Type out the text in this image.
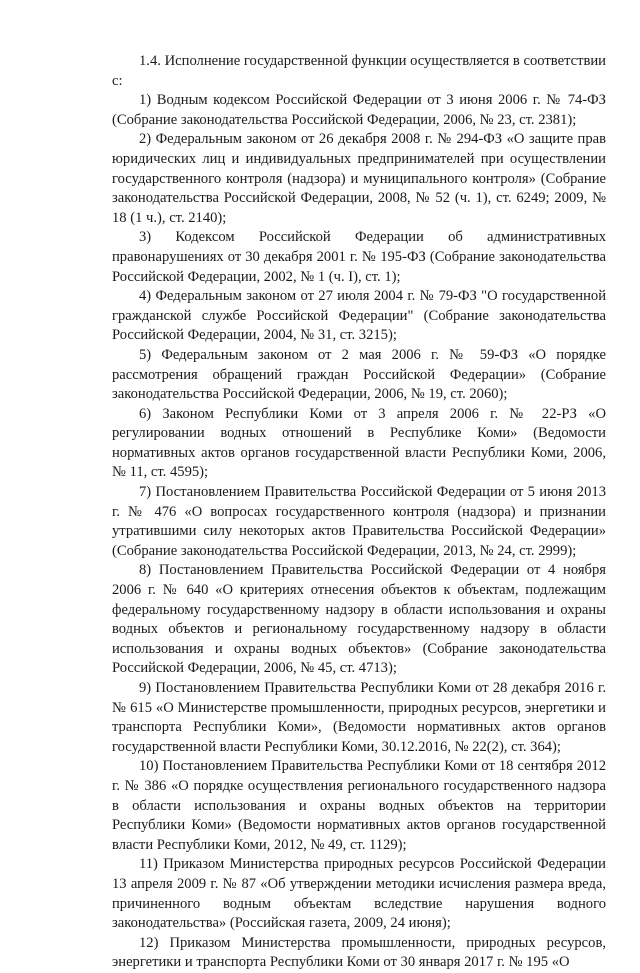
1.4. Исполнение государственной функции осуществляется в соответствии с:

1) Водным кодексом Российской Федерации от 3 июня 2006 г. № 74-ФЗ (Собрание законодательства Российской Федерации, 2006, № 23, ст. 2381);

2) Федеральным законом от 26 декабря 2008 г. № 294-ФЗ «О защите прав юридических лиц и индивидуальных предпринимателей при осуществлении государственного контроля (надзора) и муниципального контроля» (Собрание законодательства Российской Федерации, 2008, № 52 (ч. 1), ст. 6249; 2009, № 18 (1 ч.), ст. 2140);

3) Кодексом Российской Федерации об административных правонарушениях от 30 декабря 2001 г. № 195-ФЗ (Собрание законодательства Российской Федерации, 2002, № 1 (ч. I), ст. 1);

4) Федеральным законом от 27 июля 2004 г. № 79-ФЗ "О государственной гражданской службе Российской Федерации" (Собрание законодательства Российской Федерации, 2004, № 31, ст. 3215);

5) Федеральным законом от 2 мая 2006 г. № 59-ФЗ «О порядке рассмотрения обращений граждан Российской Федерации» (Собрание законодательства Российской Федерации, 2006, № 19, ст. 2060);

6) Законом Республики Коми от 3 апреля 2006 г. № 22-РЗ «О регулировании водных отношений в Республике Коми» (Ведомости нормативных актов органов государственной власти Республики Коми, 2006, № 11, ст. 4595);

7) Постановлением Правительства Российской Федерации от 5 июня 2013 г. № 476 «О вопросах государственного контроля (надзора) и признании утратившими силу некоторых актов Правительства Российской Федерации» (Собрание законодательства Российской Федерации, 2013, № 24, ст. 2999);

8) Постановлением Правительства Российской Федерации от 4 ноября 2006 г. № 640 «О критериях отнесения объектов к объектам, подлежащим федеральному государственному надзору в области использования и охраны водных объектов и региональному государственному надзору в области использования и охраны водных объектов» (Собрание законодательства Российской Федерации, 2006, № 45, ст. 4713);

9) Постановлением Правительства Республики Коми от 28 декабря 2016 г. № 615 «О Министерстве промышленности, природных ресурсов, энергетики и транспорта Республики Коми», (Ведомости нормативных актов органов государственной власти Республики Коми, 30.12.2016, № 22(2), ст. 364);

10) Постановлением Правительства Республики Коми от 18 сентября 2012 г. № 386 «О порядке осуществления регионального государственного надзора в области использования и охраны водных объектов на территории Республики Коми» (Ведомости нормативных актов органов государственной власти Республики Коми, 2012, № 49, ст. 1129);

11) Приказом Министерства природных ресурсов Российской Федерации 13 апреля 2009 г. № 87 «Об утверждении методики исчисления размера вреда, причиненного водным объектам вследствие нарушения водного законодательства» (Российская газета, 2009, 24 июня);

12) Приказом Министерства промышленности, природных ресурсов, энергетики и транспорта Республики Коми от 30 января 2017 г. № 195 «О
